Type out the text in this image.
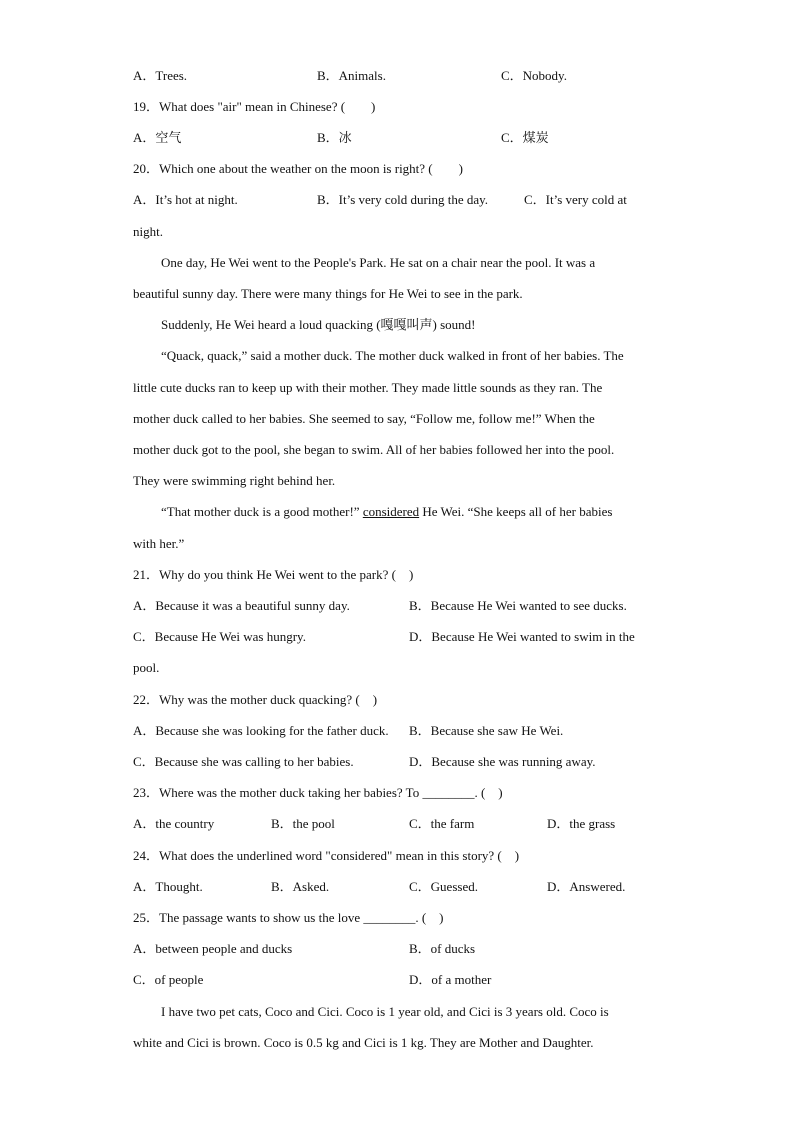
A．Trees.	B．Animals.	C．Nobody.
19．What does "air" mean in Chinese? (　　)
A．空气	B．冰	C．煤炭
20．Which one about the weather on the moon is right? (　　)
A．It’s hot at night.	B．It’s very cold during the day.	C．It’s very cold at
night.
One day, He Wei went to the People's Park. He sat on a chair near the pool. It was a
beautiful sunny day. There were many things for He Wei to see in the park.
Suddenly, He Wei heard a loud quacking (嘎嘎叫声) sound!
“Quack, quack,” said a mother duck. The mother duck walked in front of her babies. The
little cute ducks ran to keep up with their mother. They made little sounds as they ran. The
mother duck called to her babies. She seemed to say, “Follow me, follow me!” When the
mother duck got to the pool, she began to swim. All of her babies followed her into the pool.
They were swimming right behind her.
“That mother duck is a good mother!” considered He Wei. “She keeps all of her babies
with her.”
21．Why do you think He Wei went to the park? (　)
A．Because it was a beautiful sunny day.	B．Because He Wei wanted to see ducks.
C．Because He Wei was hungry.	D．Because He Wei wanted to swim in the
pool.
22．Why was the mother duck quacking? (　)
A．Because she was looking for the father duck. B．Because she saw He Wei.
C．Because she was calling to her babies.	D．Because she was running away.
23．Where was the mother duck taking her babies? To ________. (　)
A．the country	B．the pool	C．the farm	D．the grass
24．What does the underlined word "considered" mean in this story? (　)
A．Thought.	B．Asked.	C．Guessed.	D．Answered.
25．The passage wants to show us the love ________. (　)
A．between people and ducks	B．of ducks
C．of people	D．of a mother
I have two pet cats, Coco and Cici. Coco is 1 year old, and Cici is 3 years old. Coco is
white and Cici is brown. Coco is 0.5 kg and Cici is 1 kg. They are Mother and Daughter.
